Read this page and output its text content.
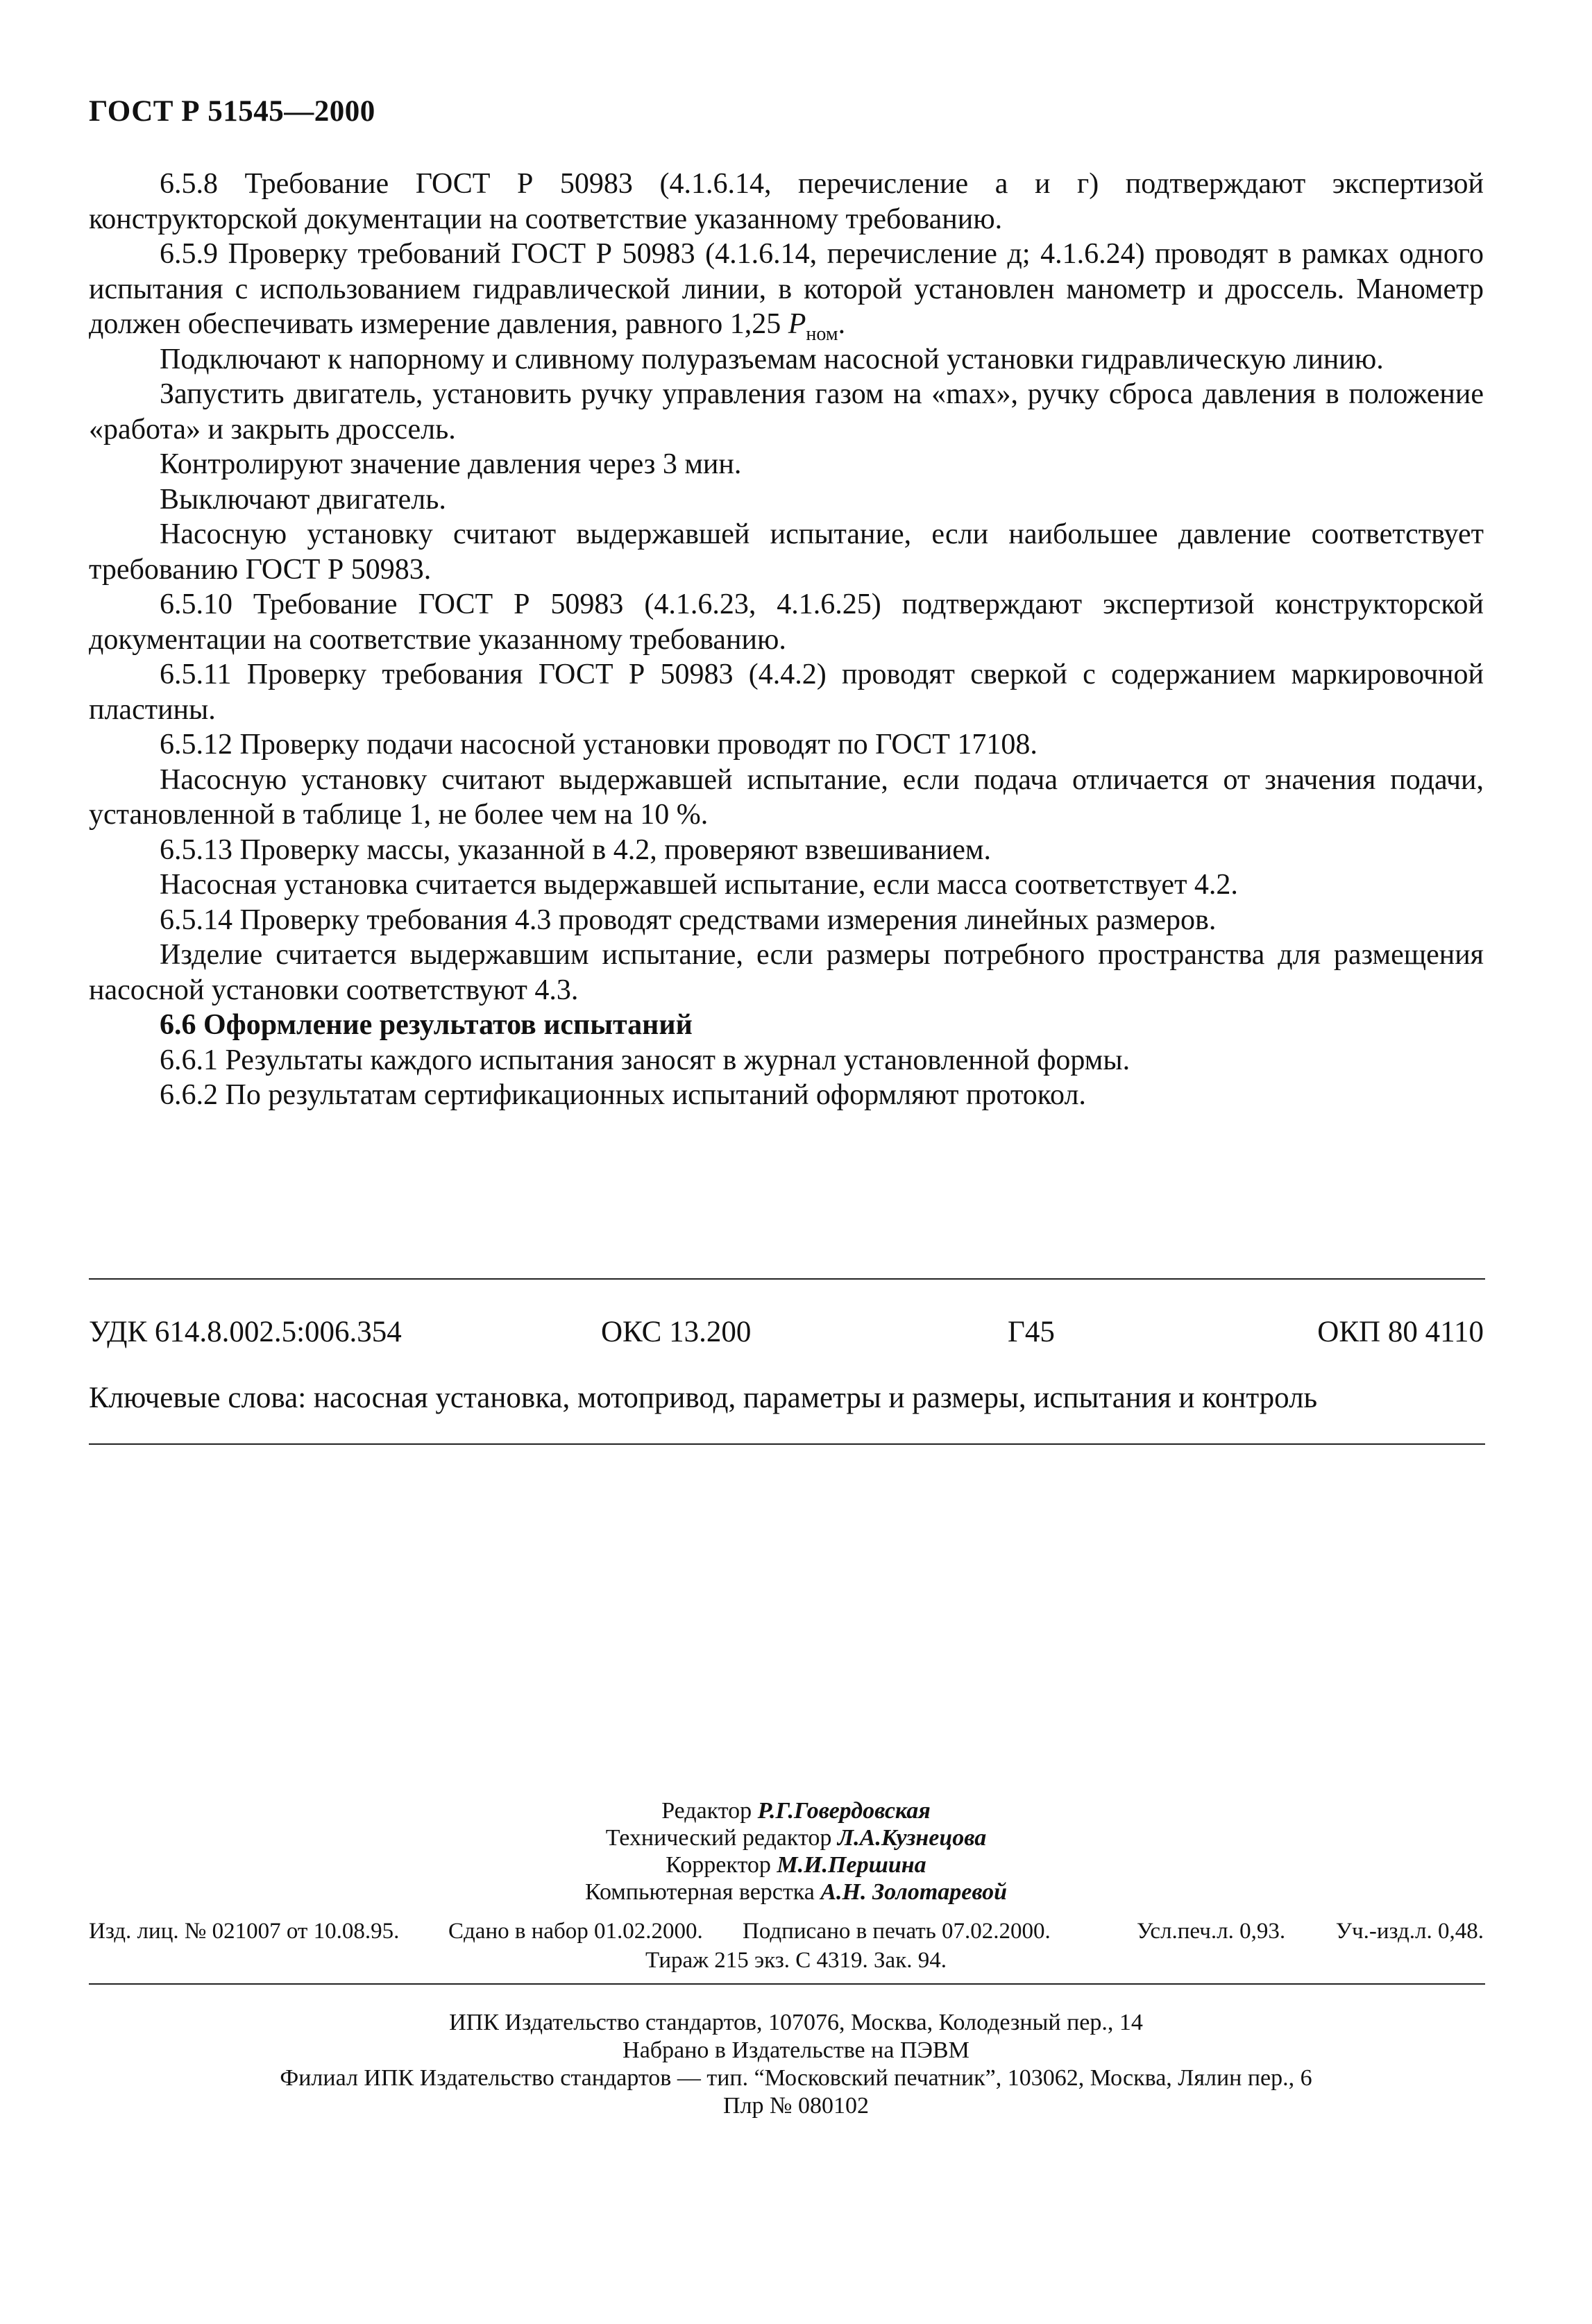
ГОСТ Р 51545—2000

6.5.8 Требование ГОСТ Р 50983 (4.1.6.14, перечисление а и г) подтверждают экспертизой конструкторской документации на соответствие указанному требованию.

6.5.9 Проверку требований ГОСТ Р 50983 (4.1.6.14, перечисление д; 4.1.6.24) проводят в рамках одного испытания с использованием гидравлической линии, в которой установлен манометр и дроссель. Манометр должен обеспечивать измерение давления, равного 1,25 $P_{ном}$.

Подключают к напорному и сливному полуразъемам насосной установки гидравлическую линию.

Запустить двигатель, установить ручку управления газом на «max», ручку сброса давления в положение «работа» и закрыть дроссель.

Контролируют значение давления через 3 мин.

Выключают двигатель.

Насосную установку считают выдержавшей испытание, если наибольшее давление соответствует требованию ГОСТ Р 50983.

6.5.10 Требование ГОСТ Р 50983 (4.1.6.23, 4.1.6.25) подтверждают экспертизой конструкторской документации на соответствие указанному требованию.

6.5.11 Проверку требования ГОСТ Р 50983 (4.4.2) проводят сверкой с содержанием маркировочной пластины.

6.5.12 Проверку подачи насосной установки проводят по ГОСТ 17108.

Насосную установку считают выдержавшей испытание, если подача отличается от значения подачи, установленной в таблице 1, не более чем на 10 %.

6.5.13 Проверку массы, указанной в 4.2, проверяют взвешиванием.

Насосная установка считается выдержавшей испытание, если масса соответствует 4.2.

6.5.14 Проверку требования 4.3 проводят средствами измерения линейных размеров.

Изделие считается выдержавшим испытание, если размеры потребного пространства для размещения насосной установки соответствуют 4.3.

6.6 Оформление результатов испытаний

6.6.1 Результаты каждого испытания заносят в журнал установленной формы.

6.6.2 По результатам сертификационных испытаний оформляют протокол.

УДК 614.8.002.5:006.354	ОКС 13.200	Г45	ОКП 80 4110
Ключевые слова: насосная установка, мотопривод, параметры и размеры, испытания и контроль
Редактор Р.Г.Говердовская
Технический редактор Л.А.Кузнецова
Корректор М.И.Першина
Компьютерная верстка А.Н. Золотаревой
Изд. лиц. № 021007 от 10.08.95. Сдано в набор 01.02.2000. Подписано в печать 07.02.2000.	Усл.печ.л. 0,93. Уч.-изд.л. 0,48.
Тираж 215 экз. С 4319. Зак. 94.
ИПК Издательство стандартов, 107076, Москва, Колодезный пер., 14
Набрано в Издательстве на ПЭВМ
Филиал ИПК Издательство стандартов — тип. “Московский печатник”, 103062, Москва, Лялин пер., 6
Плр № 080102
